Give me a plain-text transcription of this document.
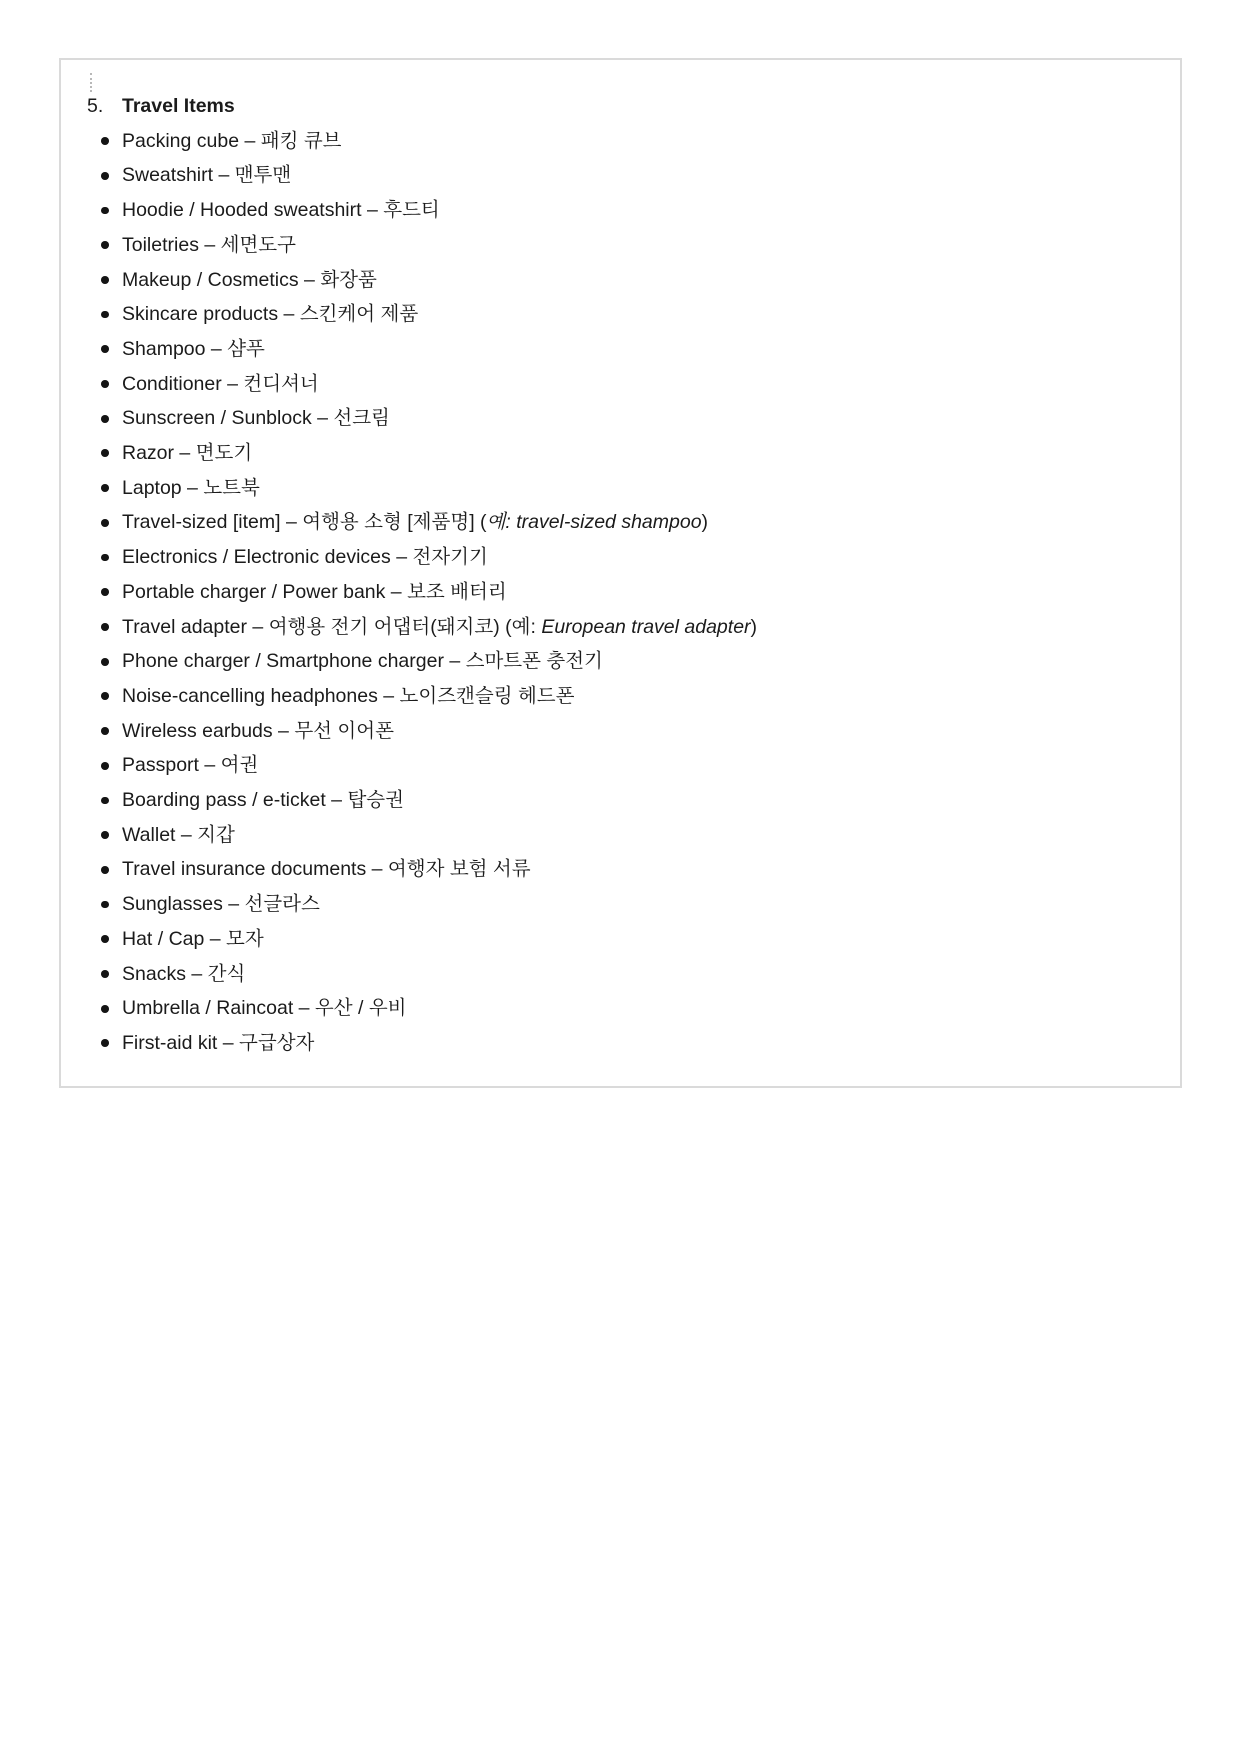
5. Travel Items
Packing cube – 패킹 큐브
Sweatshirt – 맨투맨
Hoodie / Hooded sweatshirt – 후드티
Toiletries – 세면도구
Makeup / Cosmetics – 화장품
Skincare products – 스킨케어 제품
Shampoo – 샴푸
Conditioner – 컨디셔너
Sunscreen / Sunblock – 선크림
Razor – 면도기
Laptop – 노트북
Travel-sized [item] – 여행용 소형 [제품명] (예: travel-sized shampoo)
Electronics / Electronic devices – 전자기기
Portable charger / Power bank – 보조 배터리
Travel adapter – 여행용 전기 어댑터(돼지코) (예: European travel adapter)
Phone charger / Smartphone charger – 스마트폰 충전기
Noise-cancelling headphones – 노이즈캔슬링 헤드폰
Wireless earbuds – 무선 이어폰
Passport – 여권
Boarding pass / e-ticket – 탑승권
Wallet – 지갑
Travel insurance documents – 여행자 보험 서류
Sunglasses – 선글라스
Hat / Cap – 모자
Snacks – 간식
Umbrella / Raincoat – 우산 / 우비
First-aid kit – 구급상자
